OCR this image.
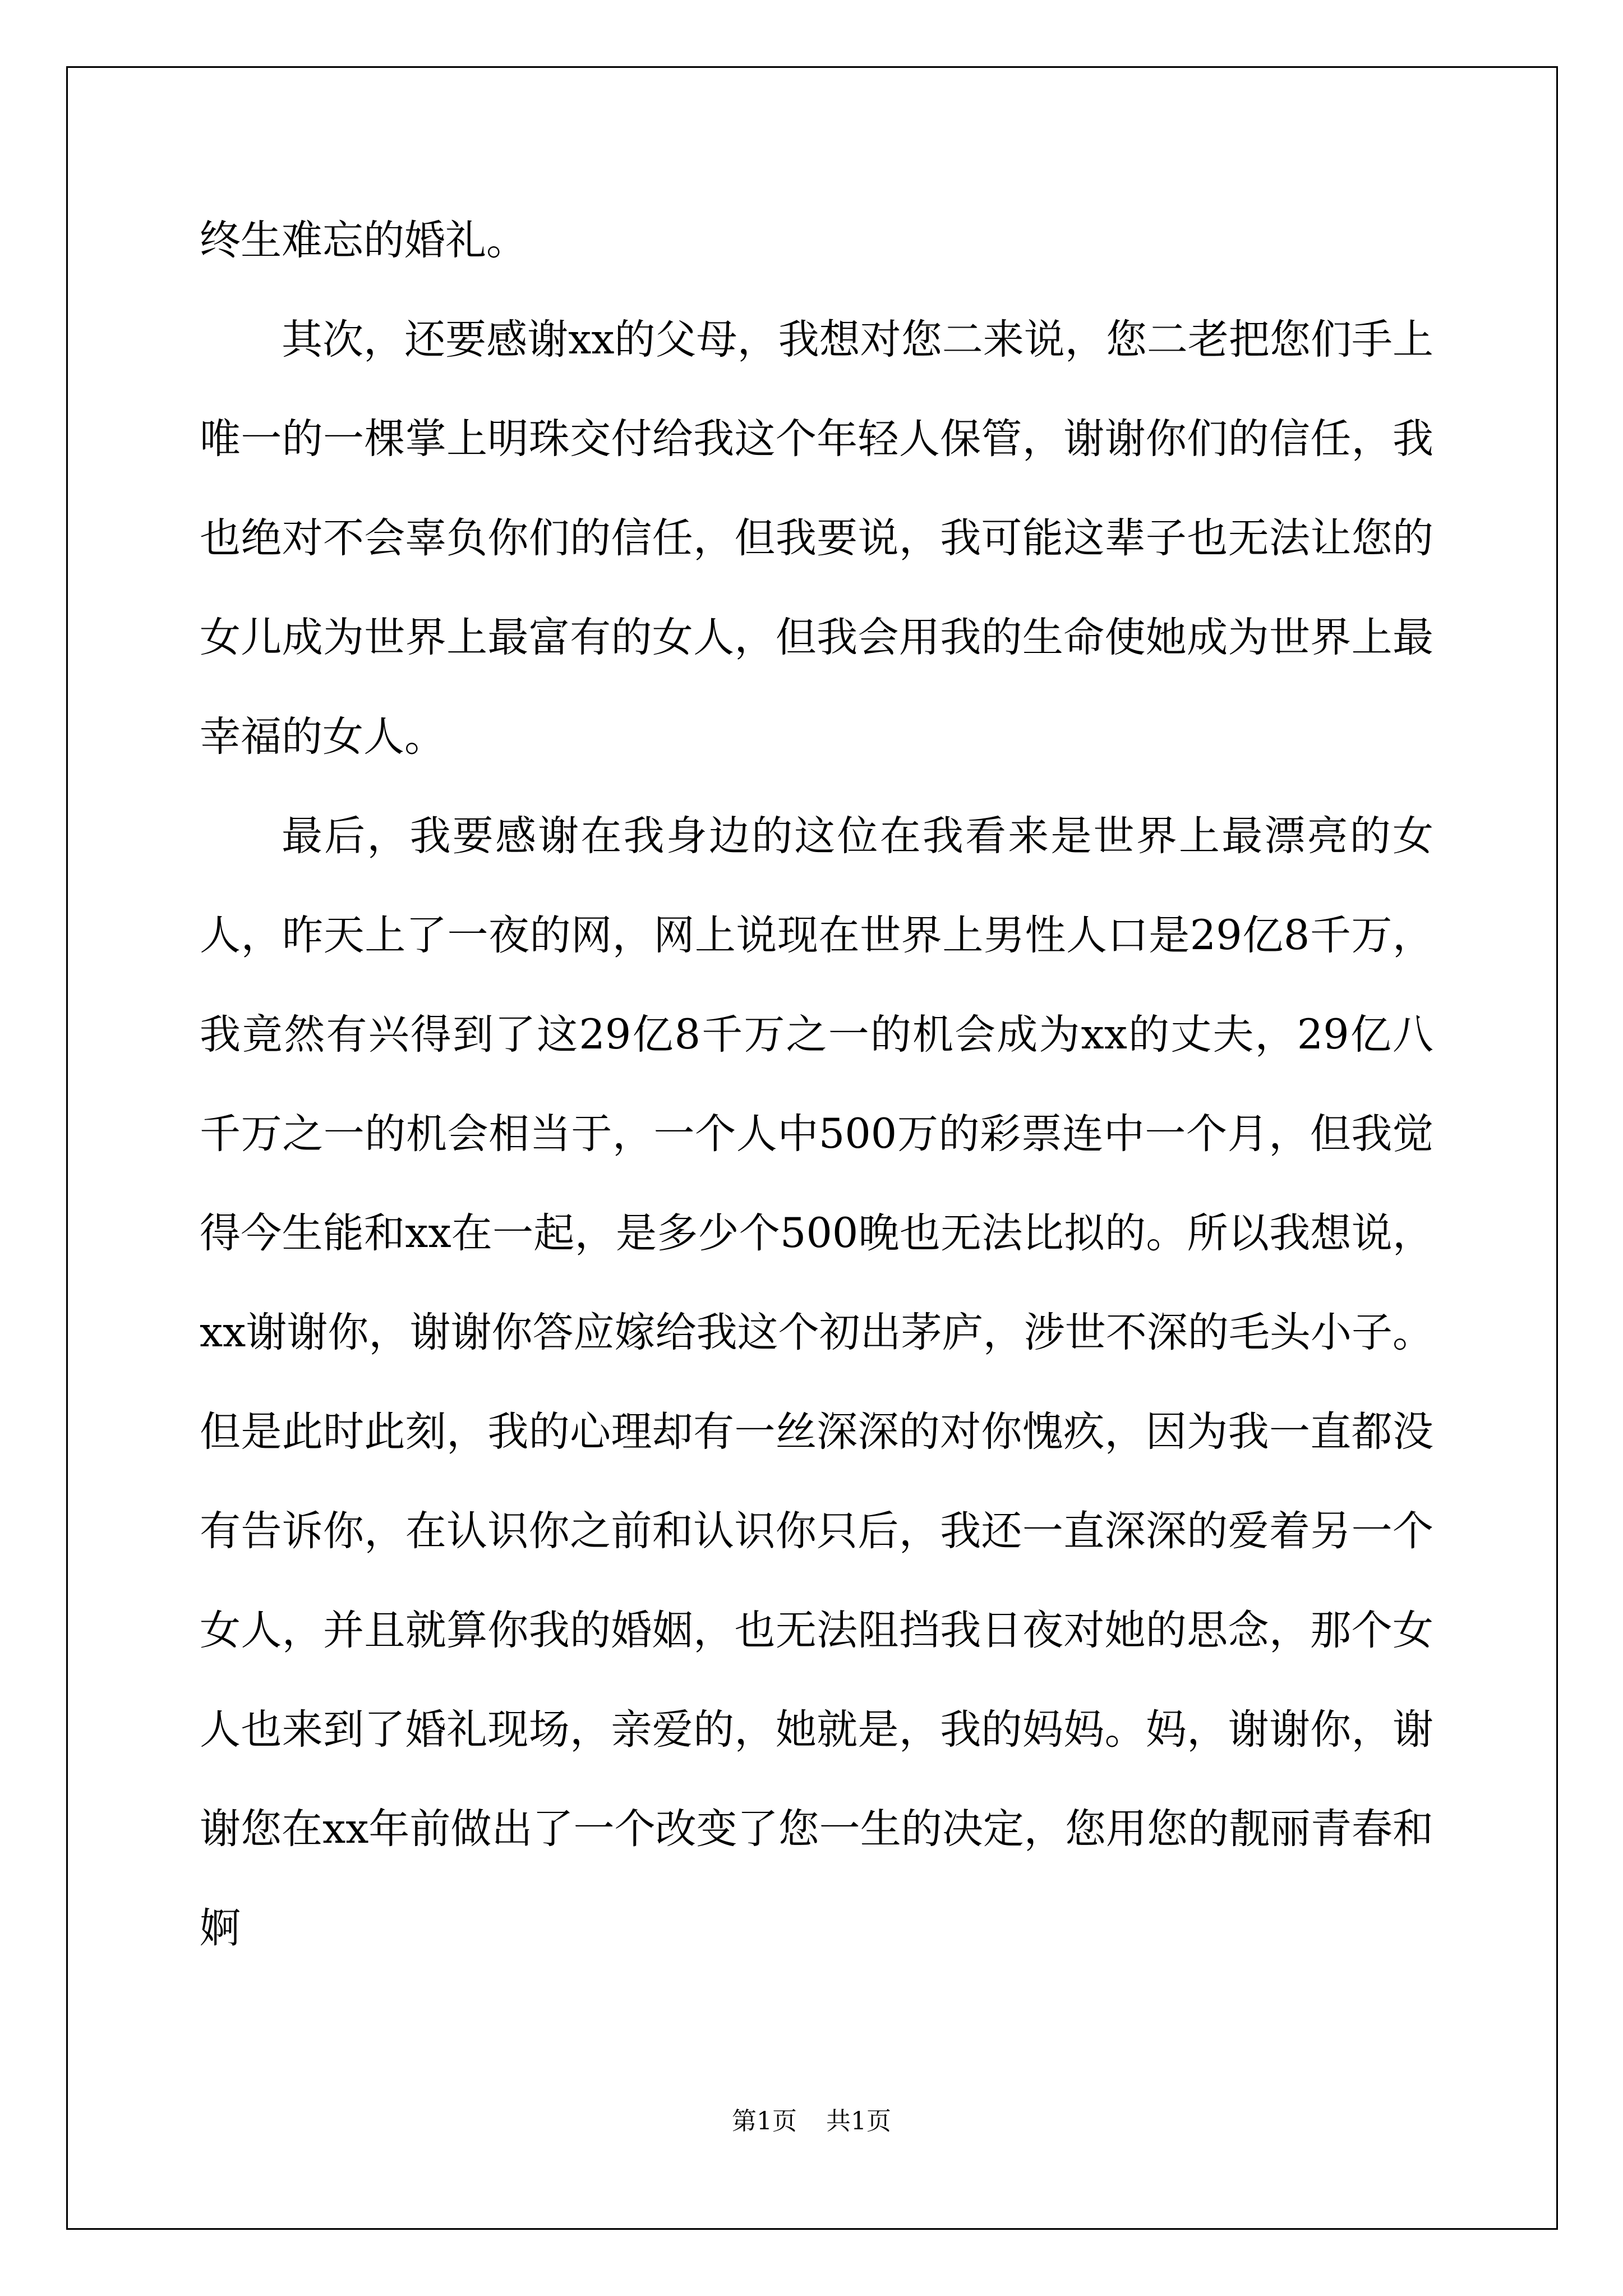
终生难忘的婚礼。

其次，还要感谢xx的父母，我想对您二来说，您二老把您们手上唯一的一棵掌上明珠交付给我这个年轻人保管，谢谢你们的信任，我也绝对不会辜负你们的信任，但我要说，我可能这辈子也无法让您的女儿成为世界上最富有的女人，但我会用我的生命使她成为世界上最幸福的女人。

最后，我要感谢在我身边的这位在我看来是世界上最漂亮的女人，昨天上了一夜的网，网上说现在世界上男性人口是29亿8千万，我竟然有兴得到了这29亿8千万之一的机会成为xx的丈夫，29亿八千万之一的机会相当于，一个人中500万的彩票连中一个月，但我觉得今生能和xx在一起，是多少个500晚也无法比拟的。所以我想说，xx谢谢你，谢谢你答应嫁给我这个初出茅庐，涉世不深的毛头小子。但是此时此刻，我的心理却有一丝深深的对你愧疚，因为我一直都没有告诉你，在认识你之前和认识你只后，我还一直深深的爱着另一个女人，并且就算你我的婚姻，也无法阻挡我日夜对她的思念，那个女人也来到了婚礼现场，亲爱的，她就是，我的妈妈。妈，谢谢你，谢谢您在xx年前做出了一个改变了您一生的决定，您用您的靓丽青春和婀

第1页 共1页
